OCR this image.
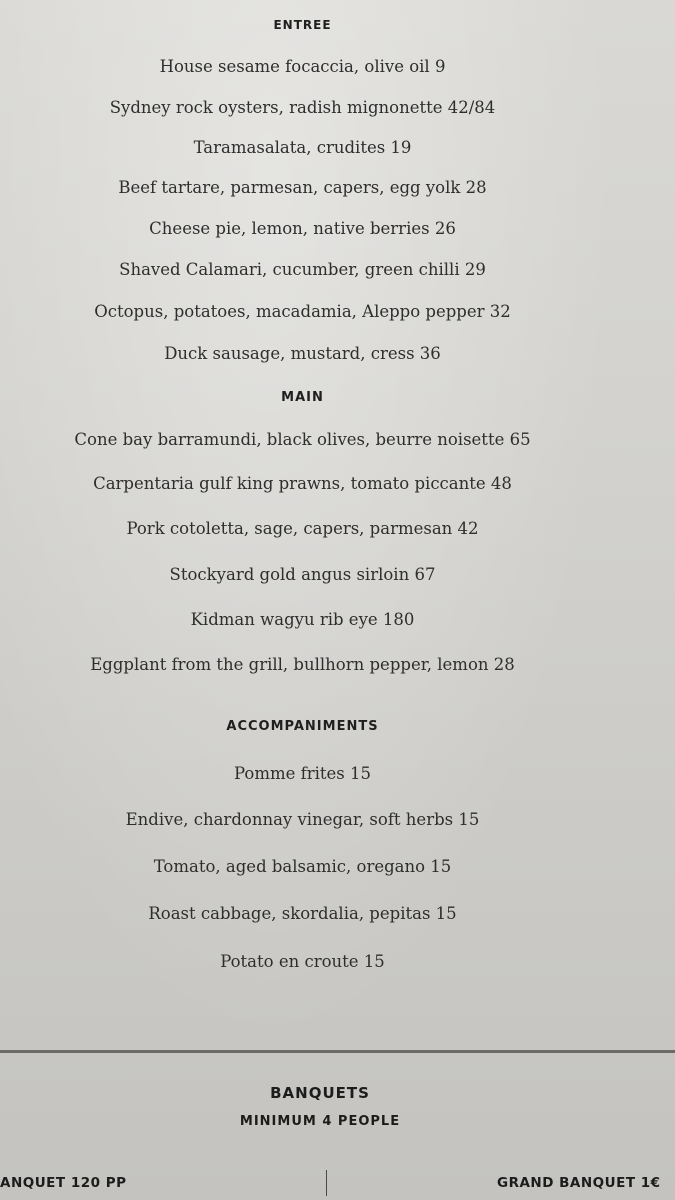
ENTREE
House sesame focaccia, olive oil 9
Sydney rock oysters, radish mignonette 42/84
Taramasalata, crudites 19
Beef tartare, parmesan, capers, egg yolk 28
Cheese pie, lemon, native berries 26
Shaved Calamari, cucumber, green chilli 29
Octopus, potatoes, macadamia, Aleppo pepper 32
Duck sausage, mustard, cress 36
MAIN
Cone bay barramundi, black olives, beurre noisette 65
Carpentaria gulf king prawns, tomato piccante 48
Pork cotoletta, sage, capers, parmesan 42
Stockyard gold angus sirloin 67
Kidman wagyu rib eye 180
Eggplant from the grill, bullhorn pepper, lemon 28
ACCOMPANIMENTS
Pomme frites 15
Endive, chardonnay vinegar, soft herbs 15
Tomato, aged balsamic, oregano 15
Roast cabbage, skordalia, pepitas 15
Potato en croute 15
BANQUETS
MINIMUM 4 PEOPLE
ANQUET 120 PP	GRAND BANQUET 1€
